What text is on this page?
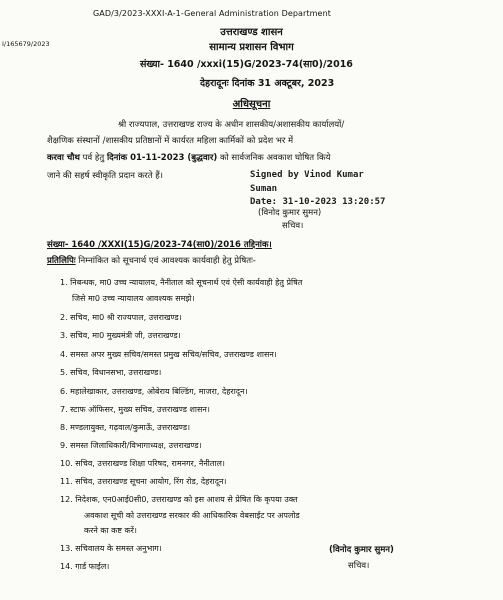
GAD/3/2023-XXXI-A-1-General Administration Department
I/165679/2023
उत्तराखण्ड शासन
सामान्य प्रशासन विभाग
संख्या- 1640 /xxxi(15)G/2023-74(सा0)/2016
देहरादूनः दिनांक 31 अक्टूबर, 2023
अधिसूचना
श्री राज्यपाल, उत्तराखण्ड राज्य के अधीन शासकीय/अशासकीय कार्यालयों/
शैक्षणिक संस्थानों /शासकीय प्रतिष्ठानों में कार्यरत महिला कार्मिकों को प्रदेश भर में
करवा चौथ पर्व हेतु दिनांक 01-11-2023 (बुद्धवार) को सार्वजनिक अवकाश घोषित किये
जाने की सहर्ष स्वीकृति प्रदान करते हैं।	Signed by Vinod Kumar
Suman
Date: 31-10-2023 13:20:57
(विनोद कुमार सुमन)
सचिव।
संख्या- 1640 /XXXI(15)G/2023-74(सा0)/2016 तद्दिनांक।
प्रतिलिपिः निम्नांकित को सूचनार्थ एवं आवश्यक कार्यवाही हेतु प्रेषितः-
1. निबन्धक, मा0 उच्च न्यायालय, नैनीताल को सूचनार्थ एवं ऐसी कार्यवाही हेतु प्रेषित
जिसे मा0 उच्च न्यायालय आवश्यक समझे।
2. सचिव, मा0 श्री राज्यपाल, उत्तराखण्ड।
3. सचिव, मा0 मुख्यमंत्री जी, उत्तराखण्ड।
4. समस्त अपर मुख्य सचिव/समस्त प्रमुख सचिव/सचिव, उत्तराखण्ड शासन।
5. सचिव, विधानसभा, उत्तराखण्ड।
6. महालेखाकार, उत्तराखण्ड, ओबेराय बिल्डिंग, माजरा, देहरादून।
7. स्टाफ ऑफिसर, मुख्य सचिव, उत्तराखण्ड शासन।
8. मण्डलायुक्त, गढ़वाल/कुमाऊँ, उत्तराखण्ड।
9. समस्त जिलाधिकारी/विभागाध्यक्ष, उत्तराखण्ड।
10. सचिव, उत्तराखण्ड शिक्षा परिषद, रामनगर, नैनीताल।
11. सचिव, उत्तराखण्ड सूचना आयोग, रिंग रोड, देहरादून।
12. निदेशक, एन0आई0सी0, उत्तराखण्ड को इस आशय से प्रेषित कि कृपया उक्त
अवकाश सूची को उत्तराखण्ड सरकार की आधिकारिक वेबसाईट पर अपलोड
करने का कष्ट करें।
13. सचिवालय के समस्त अनुभाग।
14. गार्ड फाईल।
(विनोद कुमार सुमन)
सचिव।
